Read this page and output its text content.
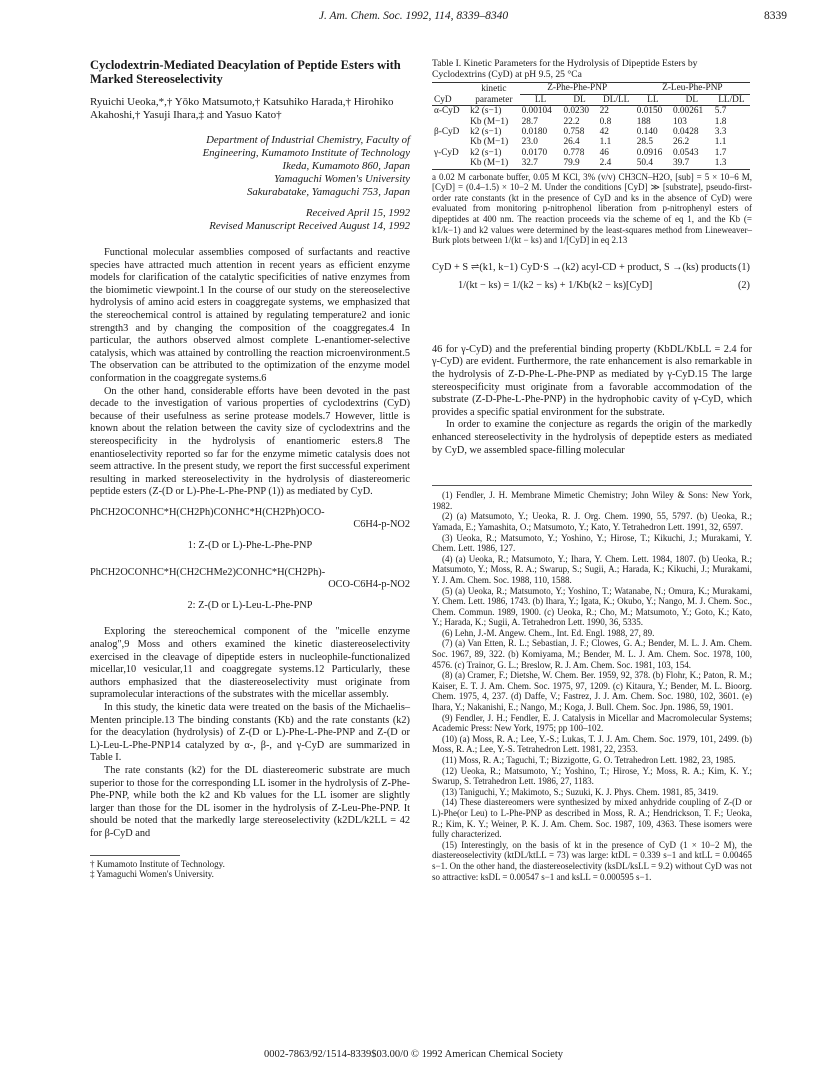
J. Am. Chem. Soc. 1992, 114, 8339–8340	8339
Cyclodextrin-Mediated Deacylation of Peptide Esters with Marked Stereoselectivity
Ryuichi Ueoka,*,† Yōko Matsumoto,† Katsuhiko Harada,† Hirohiko Akahoshi,† Yasuji Ihara,‡ and Yasuo Kato†
Department of Industrial Chemistry, Faculty of
Engineering, Kumamoto Institute of Technology
Ikeda, Kumamoto 860, Japan
Yamaguchi Women's University
Sakurabatake, Yamaguchi 753, Japan
Received April 15, 1992
Revised Manuscript Received August 14, 1992

Functional molecular assemblies composed of surfactants and reactive species have attracted much attention in recent years as efficient enzyme models for clarification of the catalytic specificities of native enzymes from the biomimetic viewpoint.1 In the course of our study on the stereoselective hydrolysis of amino acid esters in coaggregate systems, we emphasized that the stereochemical control is attained by regulating temperature2 and ionic strength3 and by changing the composition of the coaggregates.4 In particular, the authors observed almost complete L-enantiomer-selective catalysis, which was attained by controlling the reaction microenvironment.5 The observation can be attributed to the optimization of the enzyme model conformation in the coaggregate systems.6

On the other hand, considerable efforts have been devoted in the past decade to the investigation of various properties of cyclodextrins (CyD) because of their usefulness as serine protease models.7 However, little is known about the relation between the cavity size of cyclodextrins and the stereospecificity in the hydrolysis of enantiomeric esters.8 The enantioselectivity reported so far for the enzyme mimetic catalysis does not seem attractive. In the present study, we report the first successful experiment resulting in marked stereoselectivity in the hydrolysis of diastereomeric peptide esters (Z-(D or L)-Phe-L-Phe-PNP (1)) as mediated by CyD.

PhCH2OCONHC*H(CH2Ph)CONHC*H(CH2Ph)OCO-
C6H4-p-NO2
1: Z-(D or L)-Phe-L-Phe-PNP
PhCH2OCONHC*H(CH2CHMe2)CONHC*H(CH2Ph)-
OCO-C6H4-p-NO2
2: Z-(D or L)-Leu-L-Phe-PNP

Exploring the stereochemical component of the "micelle enzyme analog",9 Moss and others examined the kinetic diastereoselectivity exercised in the cleavage of dipeptide esters in nucleophile-functionalized micellar,10 vesicular,11 and coaggregate systems.12 Particularly, these authors emphasized that the diastereoselectivity must originate from supramolecular interactions of the substrates with the micellar assembly.

In this study, the kinetic data were treated on the basis of the Michaelis–Menten principle.13 The binding constants (Kb) and the rate constants (k2) for the deacylation (hydrolysis) of Z-(D or L)-Phe-L-Phe-PNP and Z-(D or L)-Leu-L-Phe-PNP14 catalyzed by α-, β-, and γ-CyD are summarized in Table I.

The rate constants (k2) for the DL diastereomeric substrate are much superior to those for the corresponding LL isomer in the hydrolysis of Z-Phe-Phe-PNP, while both the k2 and Kb values for the LL isomer are slightly larger than those for the DL isomer in the hydrolysis of Z-Leu-Phe-PNP. It should be noted that the markedly large stereoselectivity (k2DL/k2LL = 42 for β-CyD and

† Kumamoto Institute of Technology.
‡ Yamaguchi Women's University.
Table I. Kinetic Parameters for the Hydrolysis of Dipeptide Esters by Cyclodextrins (CyD) at pH 9.5, 25 °Ca
	kinetic	Z-Phe-Phe-PNP			Z-Leu-Phe-PNP		
CyD	parameter	LL	DL	DL/LL	LL	DL	LL/DL
α-CyD	k2 (s−1)	0.00104	0.0230	22	0.0150	0.00261	5.7
	Kb (M−1)	28.7	22.2	0.8	188	103	1.8
β-CyD	k2 (s−1)	0.0180	0.758	42	0.140	0.0428	3.3
	Kb (M−1)	23.0	26.4	1.1	28.5	26.2	1.1
γ-CyD	k2 (s−1)	0.0170	0.778	46	0.0916	0.0543	1.7
	Kb (M−1)	32.7	79.9	2.4	50.4	39.7	1.3
a 0.02 M carbonate buffer, 0.05 M KCl, 3% (v/v) CH3CN–H2O, [sub] = 5 × 10−6 M, [CyD] = (0.4–1.5) × 10−2 M. Under the conditions [CyD] ≫ [substrate], pseudo-first-order rate constants (kt in the presence of CyD and ks in the absence of CyD) were evaluated from monitoring p-nitrophenol liberation from p-nitrophenyl esters of dipeptides at 400 nm. The reaction proceeds via the scheme of eq 1, and the Kb (= k1/k−1) and k2 values were determined by the least-squares method from Lineweaver–Burk plots between 1/(kt − ks) and 1/[CyD] in eq 2.13
CyD + S ⇌(k1, k−1) CyD·S →(k2) acyl-CD + product, S →(ks) products (1)
1/(kt − ks) = 1/(k2 − ks) + 1/Kb(k2 − ks)[CyD]	(2)

46 for γ-CyD) and the preferential binding property (KbDL/KbLL = 2.4 for γ-CyD) are evident. Furthermore, the rate enhancement is also remarkable in the hydrolysis of Z-D-Phe-L-Phe-PNP as mediated by γ-CyD.15 The large stereospecificity must originate from a favorable accommodation of the substrate (Z-D-Phe-L-Phe-PNP) in the hydrophobic cavity of γ-CyD, which provides a specific spatial environment for the substrate.

In order to examine the conjecture as regards the origin of the markedly enhanced stereoselectivity in the hydrolysis of depeptide esters as mediated by CyD, we assembled space-filling molecular

(1) Fendler, J. H. Membrane Mimetic Chemistry; John Wiley & Sons: New York, 1982.
(2) (a) Matsumoto, Y.; Ueoka, R. J. Org. Chem. 1990, 55, 5797. (b) Ueoka, R.; Yamada, E.; Yamashita, O.; Matsumoto, Y.; Kato, Y. Tetrahedron Lett. 1991, 32, 6597.
(3) Ueoka, R.; Matsumoto, Y.; Yoshino, Y.; Hirose, T.; Kikuchi, J.; Murakami, Y. Chem. Lett. 1986, 127.
(4) (a) Ueoka, R.; Matsumoto, Y.; Ihara, Y. Chem. Lett. 1984, 1807. (b) Ueoka, R.; Matsumoto, Y.; Moss, R. A.; Swarup, S.; Sugii, A.; Harada, K.; Kikuchi, J.; Murakami, Y. J. Am. Chem. Soc. 1988, 110, 1588.
(5) (a) Ueoka, R.; Matsumoto, Y.; Yoshino, T.; Watanabe, N.; Omura, K.; Murakami, Y. Chem. Lett. 1986, 1743. (b) Ihara, Y.; Igata, K.; Okubo, Y.; Nango, M. J. Chem. Soc., Chem. Commun. 1989, 1900. (c) Ueoka, R.; Cho, M.; Matsumoto, Y.; Goto, K.; Kato, Y.; Harada, K.; Sugii, A. Tetrahedron Lett. 1990, 36, 5335.
(6) Lehn, J.-M. Angew. Chem., Int. Ed. Engl. 1988, 27, 89.
(7) (a) Van Etten, R. L.; Sebastian, J. F.; Clowes, G. A.; Bender, M. L. J. Am. Chem. Soc. 1967, 89, 322. (b) Komiyama, M.; Bender, M. L. J. Am. Chem. Soc. 1978, 100, 4576. (c) Trainor, G. L.; Breslow, R. J. Am. Chem. Soc. 1981, 103, 154.
(8) (a) Cramer, F.; Dietshe, W. Chem. Ber. 1959, 92, 378. (b) Flohr, K.; Paton, R. M.; Kaiser, E. T. J. Am. Chem. Soc. 1975, 97, 1209. (c) Kitaura, Y.; Bender, M. L. Bioorg. Chem. 1975, 4, 237. (d) Daffe, V.; Fastrez, J. J. Am. Chem. Soc. 1980, 102, 3601. (e) Ihara, Y.; Nakanishi, E.; Nango, M.; Koga, J. Bull. Chem. Soc. Jpn. 1986, 59, 1901.
(9) Fendler, J. H.; Fendler, E. J. Catalysis in Micellar and Macromolecular Systems; Academic Press: New York, 1975; pp 100–102.
(10) (a) Moss, R. A.; Lee, Y.-S.; Lukas, T. J. J. Am. Chem. Soc. 1979, 101, 2499. (b) Moss, R. A.; Lee, Y.-S. Tetrahedron Lett. 1981, 22, 2353.
(11) Moss, R. A.; Taguchi, T.; Bizzigotte, G. O. Tetrahedron Lett. 1982, 23, 1985.
(12) Ueoka, R.; Matsumoto, Y.; Yoshino, T.; Hirose, Y.; Moss, R. A.; Kim, K. Y.; Swarup, S. Tetrahedron Lett. 1986, 27, 1183.
(13) Taniguchi, Y.; Makimoto, S.; Suzuki, K. J. Phys. Chem. 1981, 85, 3419.
(14) These diastereomers were synthesized by mixed anhydride coupling of Z-(D or L)-Phe(or Leu) to L-Phe-PNP as described in Moss, R. A.; Hendrickson, T. F.; Ueoka, R.; Kim, K. Y.; Weiner, P. K. J. Am. Chem. Soc. 1987, 109, 4363. These isomers were fully characterized.
(15) Interestingly, on the basis of kt in the presence of CyD (1 × 10−2 M), the diastereoselectivity (ktDL/ktLL = 73) was large: ktDL = 0.339 s−1 and ktLL = 0.00465 s−1. On the other hand, the diastereoselectivity (ksDL/ksLL = 9.2) without CyD was not so attractive: ksDL = 0.00547 s−1 and ksLL = 0.000595 s−1.
0002-7863/92/1514-8339$03.00/0 © 1992 American Chemical Society
